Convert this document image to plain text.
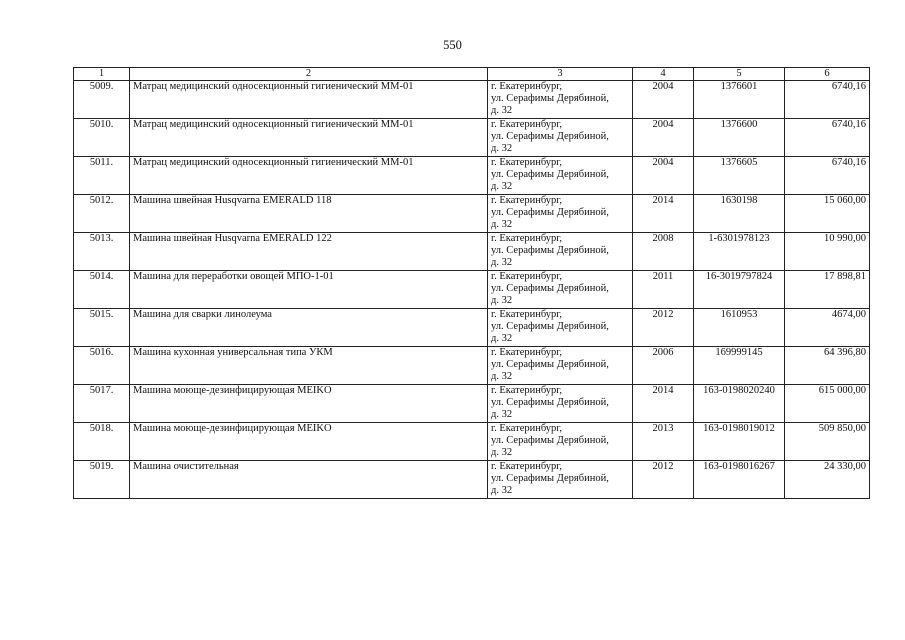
550
1	2	3	4	5	6
5009.	Матрац медицинский односекционный гигиенический ММ-01	г. Екатеринбург,
ул. Серафимы Дерябиной,
д. 32	2004	1376601	6740,16
5010.	Матрац медицинский односекционный гигиенический ММ-01	г. Екатеринбург,
ул. Серафимы Дерябиной,
д. 32	2004	1376600	6740,16
5011.	Матрац медицинский односекционный гигиенический ММ-01	г. Екатеринбург,
ул. Серафимы Дерябиной,
д. 32	2004	1376605	6740,16
5012.	Машина швейная Husqvarna EMERALD 118	г. Екатеринбург,
ул. Серафимы Дерябиной,
д. 32	2014	1630198	15 060,00
5013.	Машина швейная Husqvarna EMERALD 122	г. Екатеринбург,
ул. Серафимы Дерябиной,
д. 32	2008	1-6301978123	10 990,00
5014.	Машина для переработки овощей МПО-1-01	г. Екатеринбург,
ул. Серафимы Дерябиной,
д. 32	2011	16-3019797824	17 898,81
5015.	Машина для сварки линолеума	г. Екатеринбург,
ул. Серафимы Дерябиной,
д. 32	2012	1610953	4674,00
5016.	Машина кухонная универсальная типа УКМ	г. Екатеринбург,
ул. Серафимы Дерябиной,
д. 32	2006	169999145	64 396,80
5017.	Машина моюще-дезинфицирующая MEIKO	г. Екатеринбург,
ул. Серафимы Дерябиной,
д. 32	2014	163-0198020240	615 000,00
5018.	Машина моюще-дезинфицирующая MEIKO	г. Екатеринбург,
ул. Серафимы Дерябиной,
д. 32	2013	163-0198019012	509 850,00
5019.	Машина очистительная	г. Екатеринбург,
ул. Серафимы Дерябиной,
д. 32	2012	163-0198016267	24 330,00
